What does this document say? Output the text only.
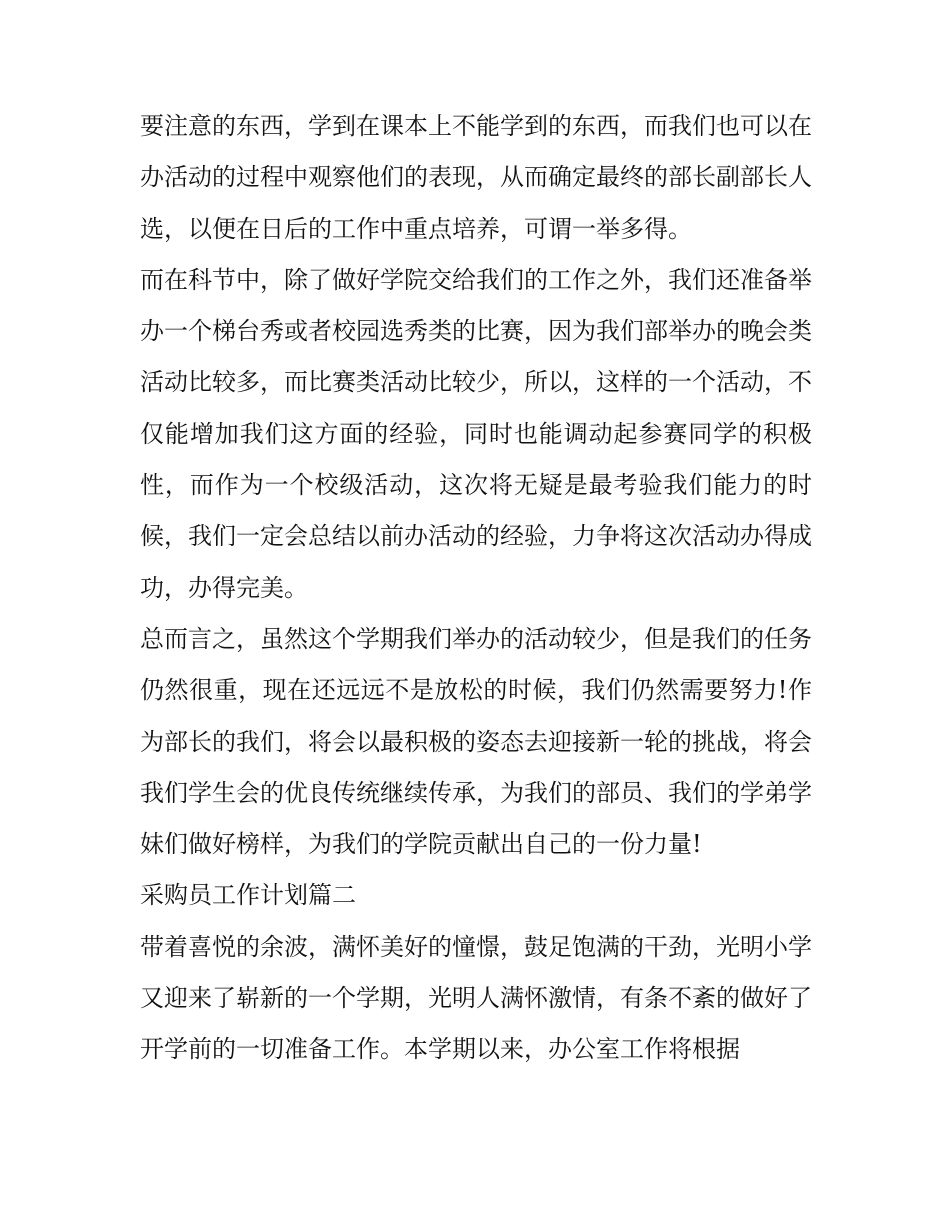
要注意的东西，学到在课本上不能学到的东西，而我们也可以在办活动的过程中观察他们的表现，从而确定最终的部长副部长人选，以便在日后的工作中重点培养，可谓一举多得。

而在科节中，除了做好学院交给我们的工作之外，我们还准备举办一个梯台秀或者校园选秀类的比赛，因为我们部举办的晚会类活动比较多，而比赛类活动比较少，所以，这样的一个活动，不仅能增加我们这方面的经验，同时也能调动起参赛同学的积极性，而作为一个校级活动，这次将无疑是最考验我们能力的时候，我们一定会总结以前办活动的经验，力争将这次活动办得成功，办得完美。

总而言之，虽然这个学期我们举办的活动较少，但是我们的任务仍然很重，现在还远远不是放松的时候，我们仍然需要努力!作为部长的我们，将会以最积极的姿态去迎接新一轮的挑战，将会我们学生会的优良传统继续传承，为我们的部员、我们的学弟学妹们做好榜样，为我们的学院贡献出自己的一份力量!

采购员工作计划篇二

带着喜悦的余波，满怀美好的憧憬，鼓足饱满的干劲，光明小学又迎来了崭新的一个学期，光明人满怀激情，有条不紊的做好了开学前的一切准备工作。本学期以来，办公室工作将根据
